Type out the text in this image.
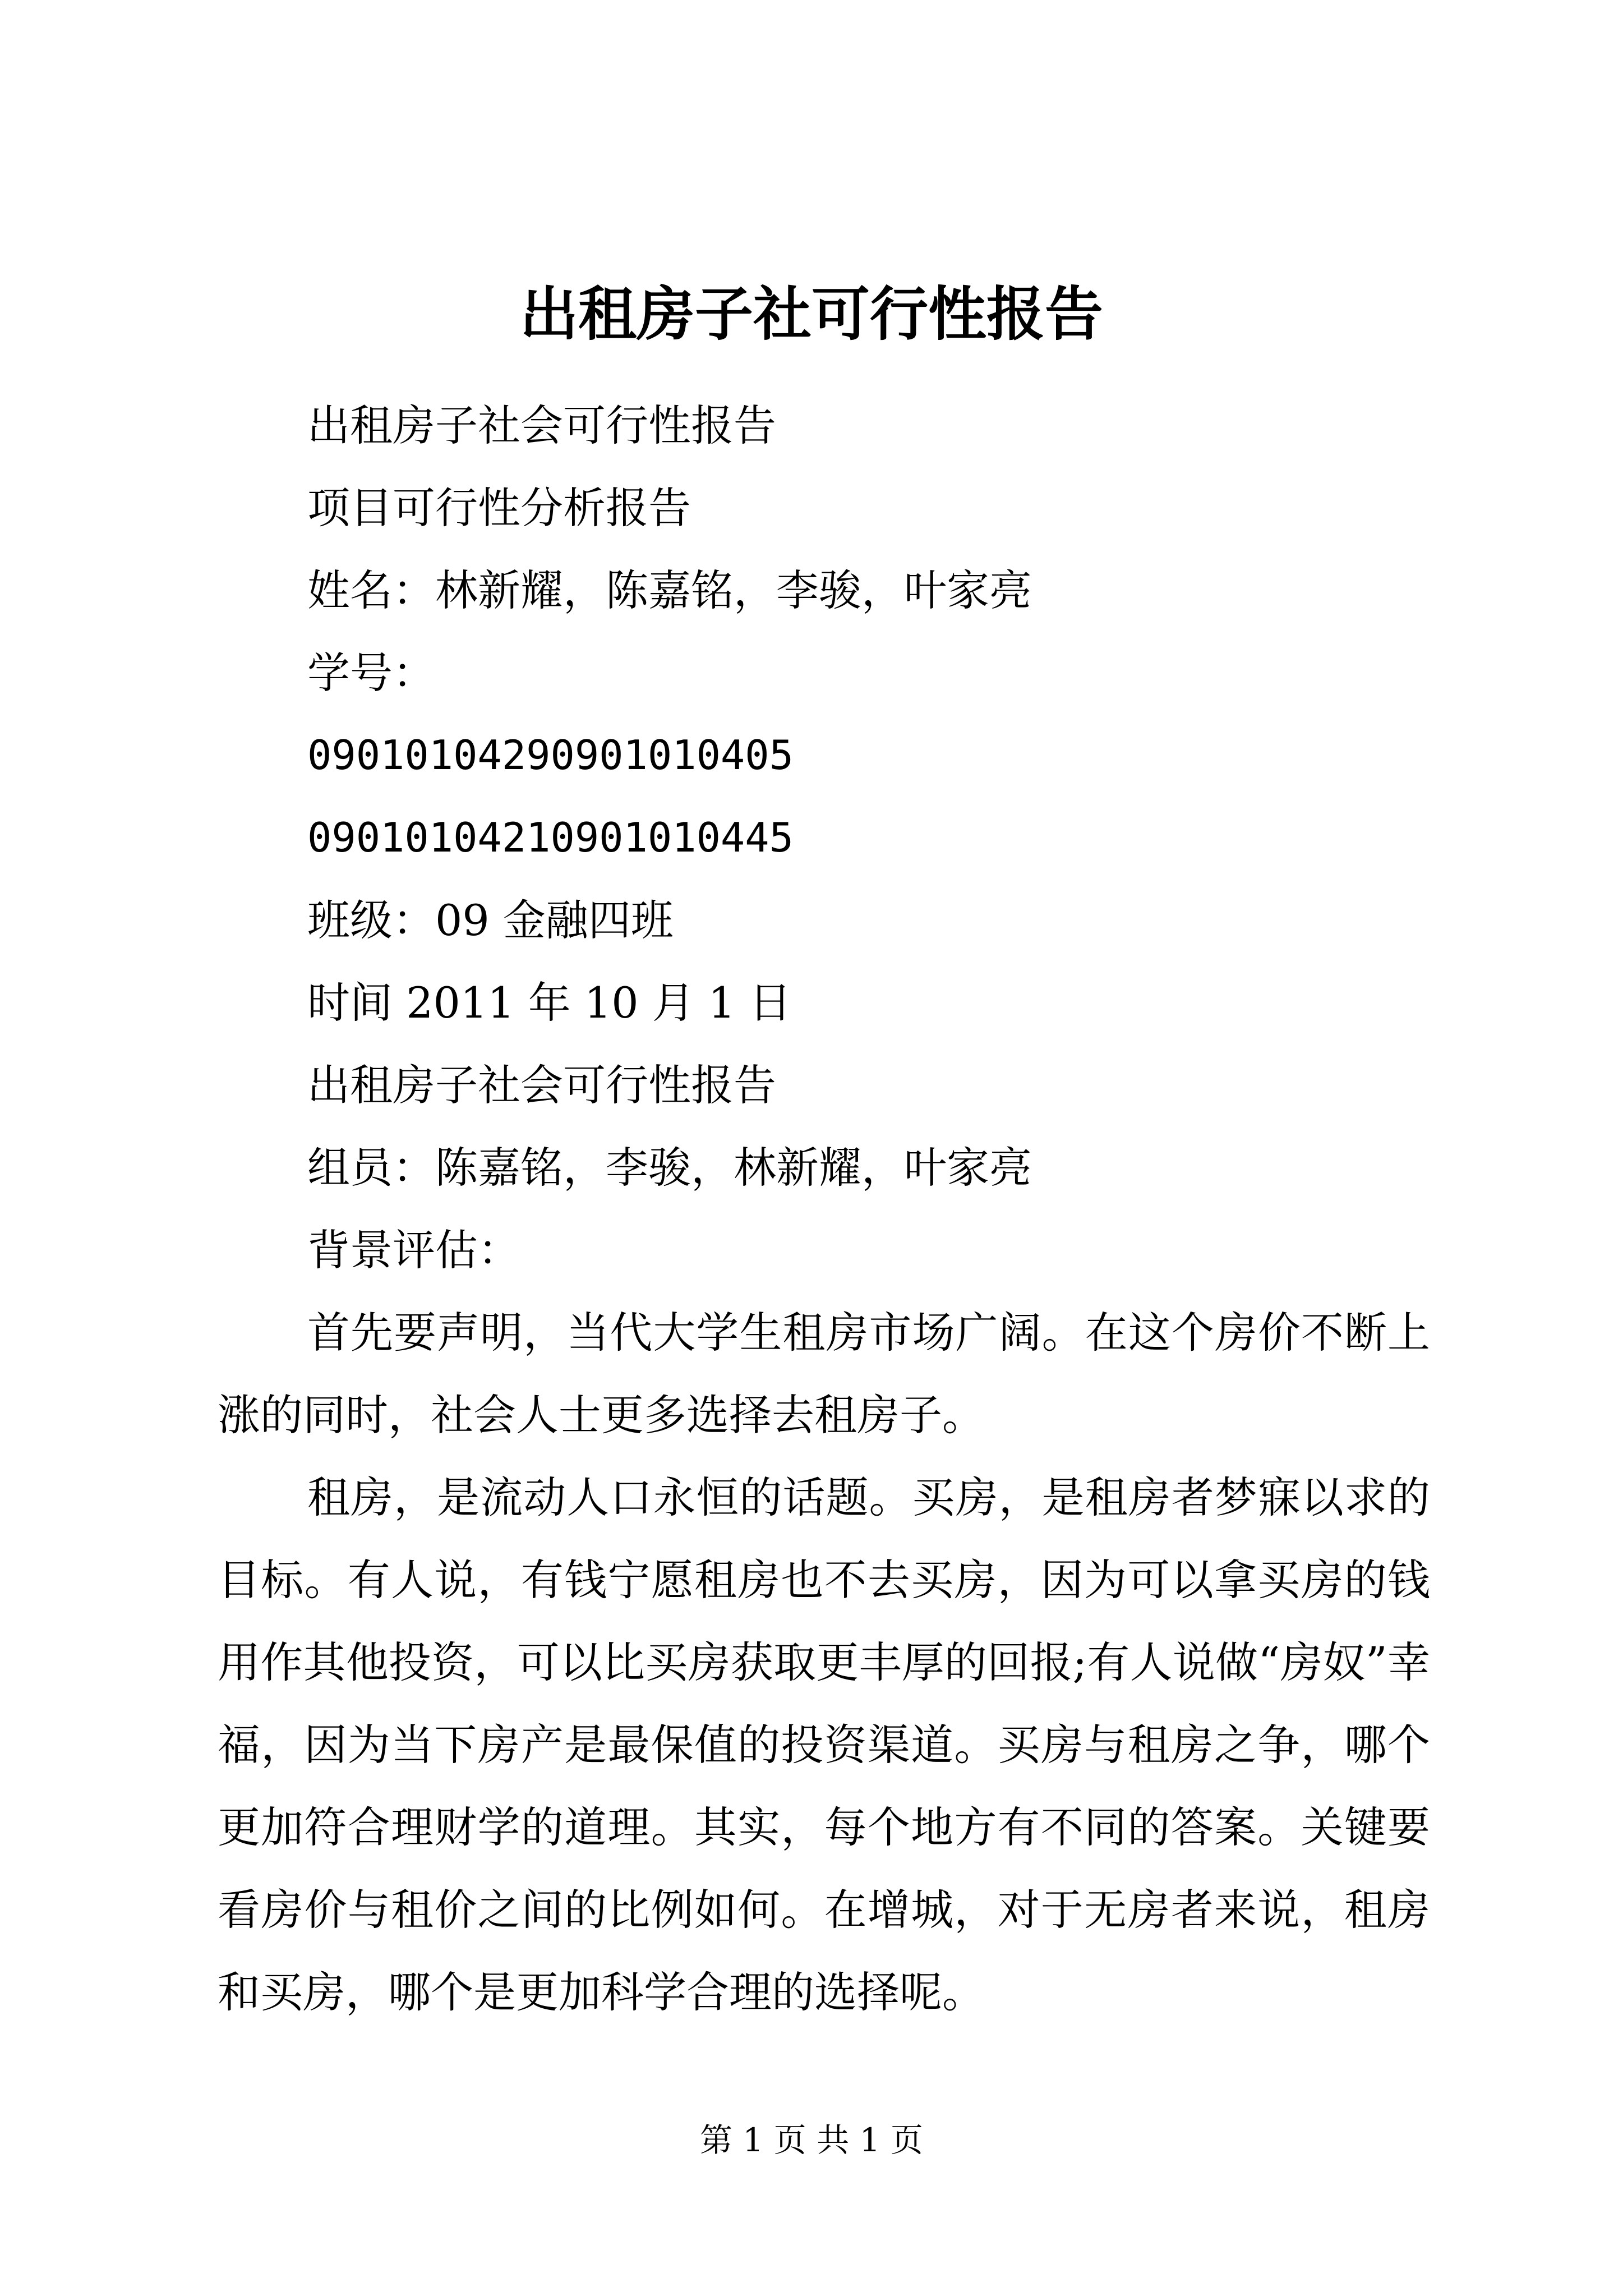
出租房子社可行性报告

出租房子社会可行性报告

项目可行性分析报告

姓名：林新耀，陈嘉铭，李骏，叶家亮

学号：

09010104290901010405

09010104210901010445

班级：09 金融四班

时间 2011 年 10 月 1 日

出租房子社会可行性报告

组员：陈嘉铭，李骏，林新耀，叶家亮

背景评估：

首先要声明，当代大学生租房市场广阔。在这个房价不断上涨的同时，社会人士更多选择去租房子。

租房，是流动人口永恒的话题。买房，是租房者梦寐以求的目标。有人说，有钱宁愿租房也不去买房，因为可以拿买房的钱用作其他投资，可以比买房获取更丰厚的回报;有人说做“房奴”幸福，因为当下房产是最保值的投资渠道。买房与租房之争，哪个更加符合理财学的道理。其实，每个地方有不同的答案。关键要看房价与租价之间的比例如何。在增城，对于无房者来说，租房和买房，哪个是更加科学合理的选择呢。

第 1 页 共 1 页
